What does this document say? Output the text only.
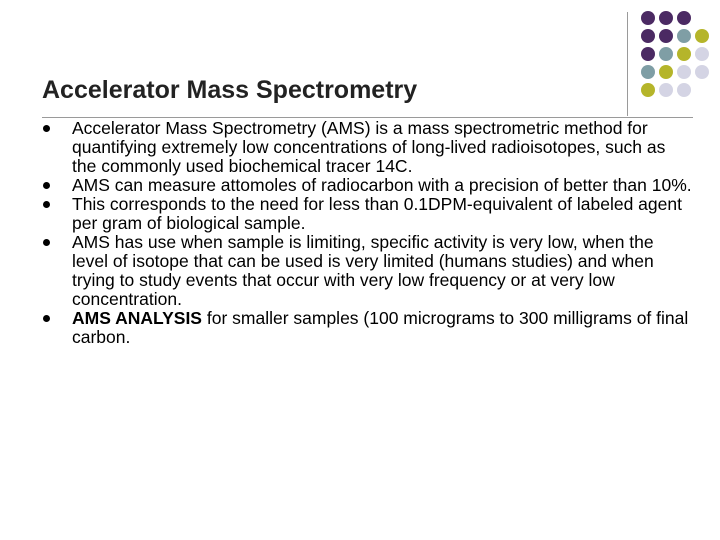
Accelerator Mass Spectrometry
Accelerator Mass Spectrometry (AMS) is a mass spectrometric method for quantifying extremely low concentrations of long-lived radioisotopes, such as the commonly used biochemical tracer 14C.
AMS can measure attomoles of radiocarbon with a precision of better than 10%.
This corresponds to the need for less than 0.1DPM-equivalent of labeled agent per gram of biological sample.
AMS has use when sample is limiting, specific activity is very low, when the level of isotope that can be used is very limited (humans studies) and when trying to study events that occur with very low frequency or at very low concentration.
AMS ANALYSIS for smaller samples (100 micrograms to 300 milligrams of final carbon.
